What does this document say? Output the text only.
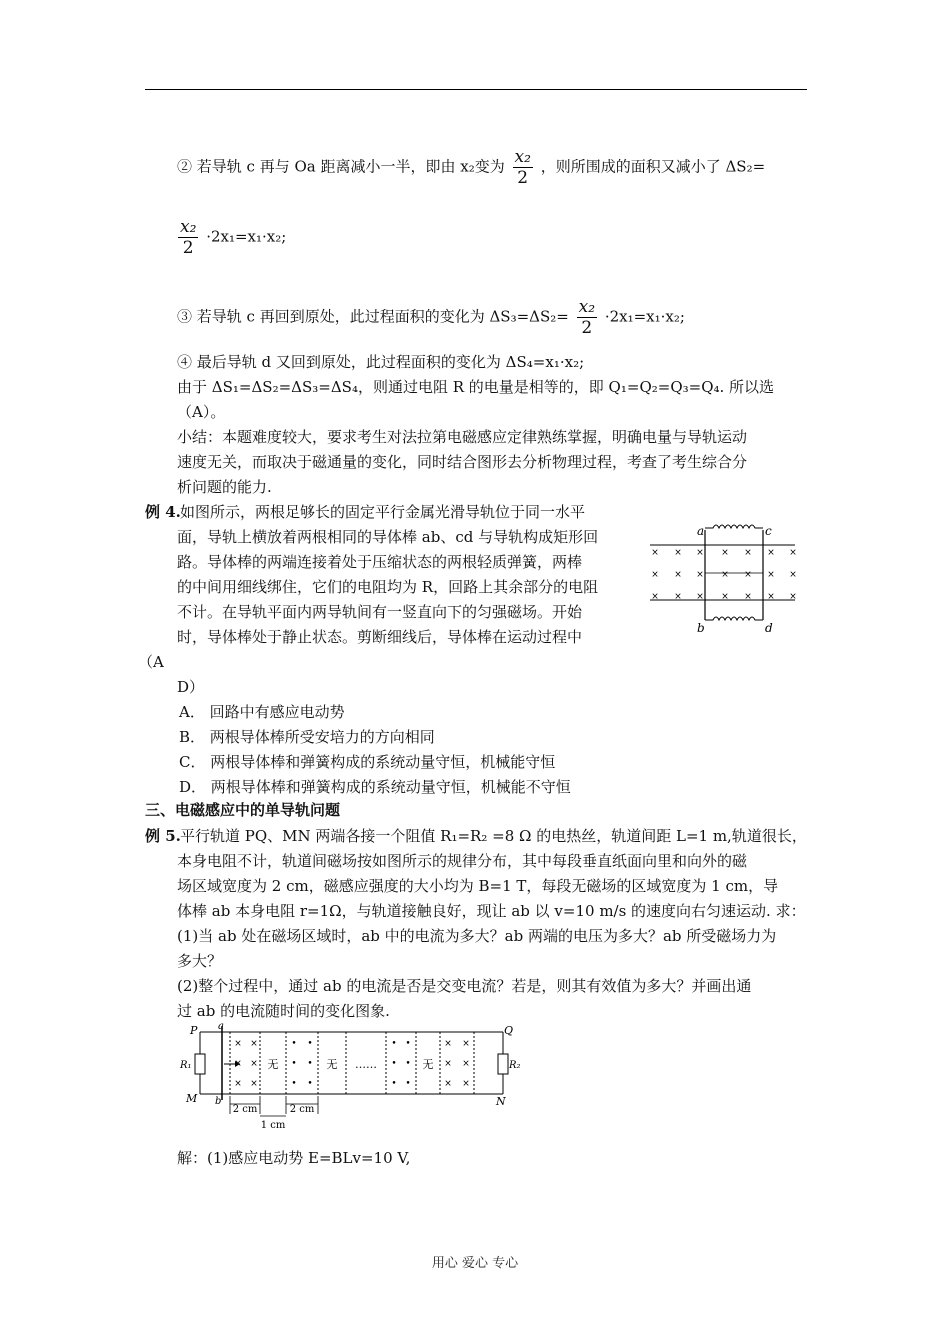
② 若导轨 c 再与 Oa 距离减小一半，即由 x₂变为 $\frac{\text{x₂}}{2}$ ，则所围成的面积又减小了 ΔS₂=
$\frac{\text{x₂}}{2} \cdot 2x_1=x_1\cdot x_2$;
③ 若导轨 c 再回到原处，此过程面积的变化为 $\Delta S_3=\Delta S_2= \frac{\text{x₂}}{2} \cdot 2x_1=x_1\cdot x_2$;
④ 最后导轨 d 又回到原处，此过程面积的变化为 ΔS₄=x₁·x₂;
由于 ΔS₁=ΔS₂=ΔS₃=ΔS₄，则通过电阻 R 的电量是相等的，即 Q₁=Q₂=Q₃=Q₄. 所以选
（A）。
小结：本题难度较大，要求考生对法拉第电磁感应定律熟练掌握，明确电量与导轨运动
速度无关，而取决于磁通量的变化，同时结合图形去分析物理过程，考查了考生综合分
析问题的能力.
例 4. 如图所示，两根足够长的固定平行金属光滑导轨位于同一水平
面，导轨上横放着两根相同的导体棒 ab、cd 与导轨构成矩形回
路。导体棒的两端连接着处于压缩状态的两根轻质弹簧，两棒
的中间用细线绑住，它们的电阻均为 R，回路上其余部分的电阻
不计。在导轨平面内两导轨间有一竖直向下的匀强磁场。开始
时，导体棒处于静止状态。剪断细线后，导体棒在运动过程中
（A
D）
A． 回路中有感应电动势
B． 两根导体棒所受安培力的方向相同
C． 两根导体棒和弹簧构成的系统动量守恒，机械能守恒
D． 两根导体棒和弹簧构成的系统动量守恒，机械能不守恒
× × × × × × ×
× × × × × × ×
× × × × × × ×
a	c
b	d
三、电磁感应中的单导轨问题
例 5. 平行轨道 PQ、MN 两端各接一个阻值 R₁=R₂ =8 Ω 的电热丝，轨道间距 L=1 m,轨道很长，
本身电阻不计，轨道间磁场按如图所示的规律分布，其中每段垂直纸面向里和向外的磁
场区域宽度为 2 cm，磁感应强度的大小均为 B=1 T，每段无磁场的区域宽度为 1 cm，导
体棒 ab 本身电阻 r=1Ω，与轨道接触良好，现让 ab 以 v=10 m/s 的速度向右匀速运动. 求：
(1)当 ab 处在磁场区域时，ab 中的电流为多大？ab 两端的电压为多大？ab 所受磁场力为
多大？
(2)整个过程中，通过 ab 的电流是否是交变电流？若是，则其有效值为多大？并画出通
过 ab 的电流随时间的变化图象.
× ×
× ×
× ×
• •
• •
• •
• •
• •
• •
× ×
× ×
× ×
无	无 ……	无
P	Q
M	N
a
b
R₁	R₂
2 cm	2 cm
1 cm
解：(1)感应电动势 E=BLv=10 V,
用心 爱心 专心
